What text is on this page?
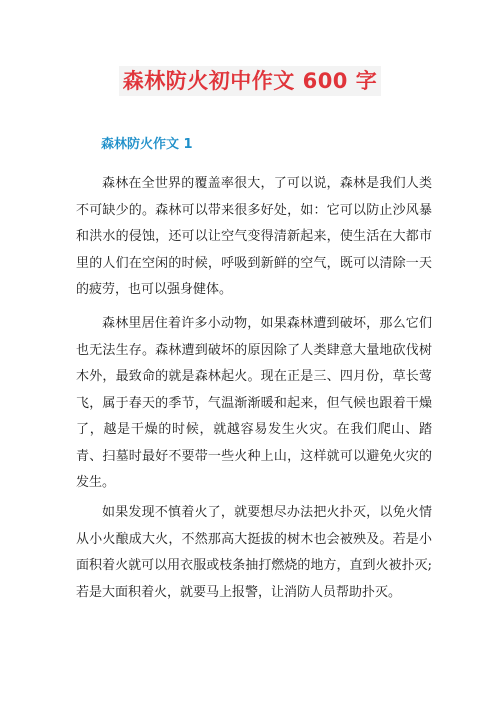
森林防火初中作文 600 字
森林防火作文 1

森林在全世界的覆盖率很大，了可以说，森林是我们人类不可缺少的。森林可以带来很多好处，如：它可以防止沙风暴和洪水的侵蚀，还可以让空气变得清新起来，使生活在大都市里的人们在空闲的时候，呼吸到新鲜的空气，既可以清除一天的疲劳，也可以强身健体。

森林里居住着许多小动物，如果森林遭到破坏，那么它们也无法生存。森林遭到破坏的原因除了人类肆意大量地砍伐树木外，最致命的就是森林起火。现在正是三、四月份，草长莺飞，属于春天的季节，气温渐渐暖和起来，但气候也跟着干燥了，越是干燥的时候，就越容易发生火灾。在我们爬山、踏青、扫墓时最好不要带一些火种上山，这样就可以避免火灾的发生。

如果发现不慎着火了，就要想尽办法把火扑灭，以免火情从小火酿成大火，不然那高大挺拔的树木也会被殃及。若是小面积着火就可以用衣服或枝条抽打燃烧的地方，直到火被扑灭;若是大面积着火，就要马上报警，让消防人员帮助扑灭。
